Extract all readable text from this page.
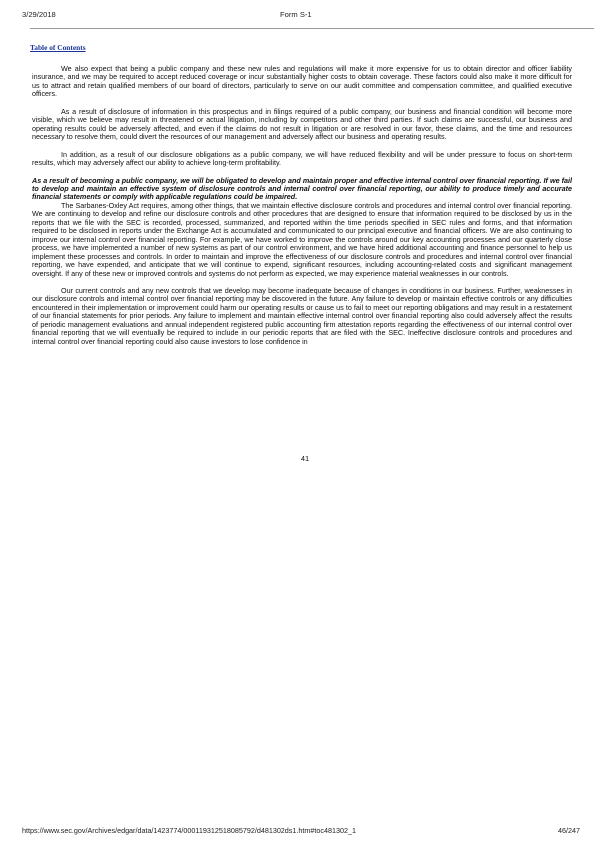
3/29/2018	Form S-1
Table of Contents

We also expect that being a public company and these new rules and regulations will make it more expensive for us to obtain director and officer liability insurance, and we may be required to accept reduced coverage or incur substantially higher costs to obtain coverage. These factors could also make it more difficult for us to attract and retain qualified members of our board of directors, particularly to serve on our audit committee and compensation committee, and qualified executive officers.

As a result of disclosure of information in this prospectus and in filings required of a public company, our business and financial condition will become more visible, which we believe may result in threatened or actual litigation, including by competitors and other third parties. If such claims are successful, our business and operating results could be adversely affected, and even if the claims do not result in litigation or are resolved in our favor, these claims, and the time and resources necessary to resolve them, could divert the resources of our management and adversely affect our business and operating results.

In addition, as a result of our disclosure obligations as a public company, we will have reduced flexibility and will be under pressure to focus on short-term results, which may adversely affect our ability to achieve long-term profitability.

As a result of becoming a public company, we will be obligated to develop and maintain proper and effective internal control over financial reporting. If we fail to develop and maintain an effective system of disclosure controls and internal control over financial reporting, our ability to produce timely and accurate financial statements or comply with applicable regulations could be impaired.

The Sarbanes-Oxley Act requires, among other things, that we maintain effective disclosure controls and procedures and internal control over financial reporting. We are continuing to develop and refine our disclosure controls and other procedures that are designed to ensure that information required to be disclosed by us in the reports that we file with the SEC is recorded, processed, summarized, and reported within the time periods specified in SEC rules and forms, and that information required to be disclosed in reports under the Exchange Act is accumulated and communicated to our principal executive and financial officers. We are also continuing to improve our internal control over financial reporting. For example, we have worked to improve the controls around our key accounting processes and our quarterly close process, we have implemented a number of new systems as part of our control environment, and we have hired additional accounting and finance personnel to help us implement these processes and controls. In order to maintain and improve the effectiveness of our disclosure controls and procedures and internal control over financial reporting, we have expended, and anticipate that we will continue to expend, significant resources, including accounting-related costs and significant management oversight. If any of these new or improved controls and systems do not perform as expected, we may experience material weaknesses in our controls.

Our current controls and any new controls that we develop may become inadequate because of changes in conditions in our business. Further, weaknesses in our disclosure controls and internal control over financial reporting may be discovered in the future. Any failure to develop or maintain effective controls or any difficulties encountered in their implementation or improvement could harm our operating results or cause us to fail to meet our reporting obligations and may result in a restatement of our financial statements for prior periods. Any failure to implement and maintain effective internal control over financial reporting also could adversely affect the results of periodic management evaluations and annual independent registered public accounting firm attestation reports regarding the effectiveness of our internal control over financial reporting that we will eventually be required to include in our periodic reports that are filed with the SEC. Ineffective disclosure controls and procedures and internal control over financial reporting could also cause investors to lose confidence in

41
https://www.sec.gov/Archives/edgar/data/1423774/000119312518085792/d481302ds1.htm#toc481302_1	46/247
